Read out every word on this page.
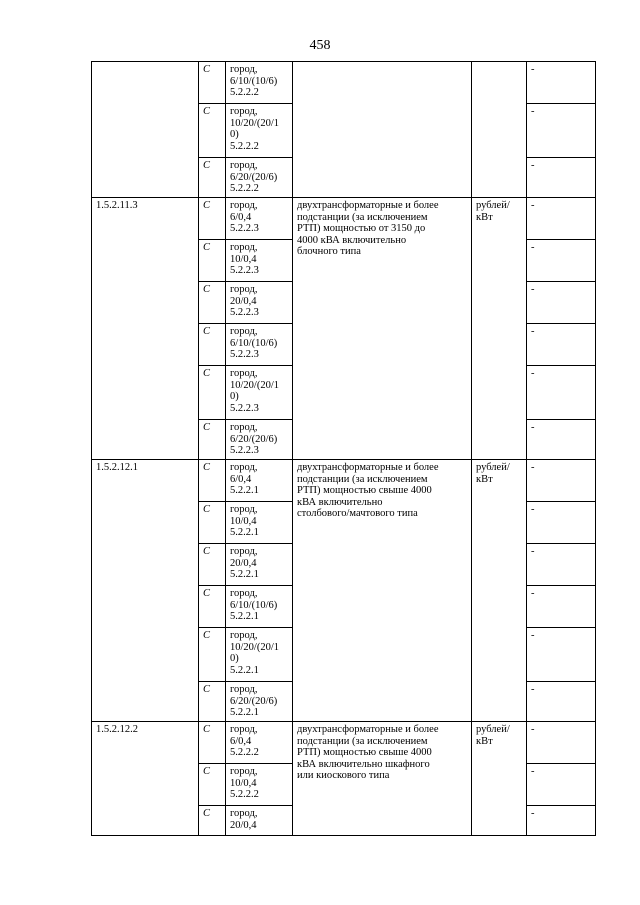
458
	С	город,
6/10/(10/6)
5.2.2.2			-
	С	город,
10/20/(20/1
0)
5.2.2.2			-
	С	город,
6/20/(20/6)
5.2.2.2			-
1.5.2.11.3	С	город,
6/0,4
5.2.2.3	двухтрансформаторные и более
подстанции (за исключением
РТП) мощностью от 3150 до
4000 кВА включительно
блочного типа	рублей/
кВт	-
	С	город,
10/0,4
5.2.2.3			-
	С	город,
20/0,4
5.2.2.3			-
	С	город,
6/10/(10/6)
5.2.2.3			-
	С	город,
10/20/(20/1
0)
5.2.2.3			-
	С	город,
6/20/(20/6)
5.2.2.3			-
1.5.2.12.1	С	город,
6/0,4
5.2.2.1	двухтрансформаторные и более
подстанции (за исключением
РТП) мощностью свыше 4000
кВА включительно
столбового/мачтового типа	рублей/
кВт	-
	С	город,
10/0,4
5.2.2.1			-
	С	город,
20/0,4
5.2.2.1			-
	С	город,
6/10/(10/6)
5.2.2.1			-
	С	город,
10/20/(20/1
0)
5.2.2.1			-
	С	город,
6/20/(20/6)
5.2.2.1			-
1.5.2.12.2	С	город,
6/0,4
5.2.2.2	двухтрансформаторные и более
подстанции (за исключением
РТП) мощностью свыше 4000
кВА включительно шкафного
или киоскового типа	рублей/
кВт	-
	С	город,
10/0,4
5.2.2.2			-
	С	город,
20/0,4			-
